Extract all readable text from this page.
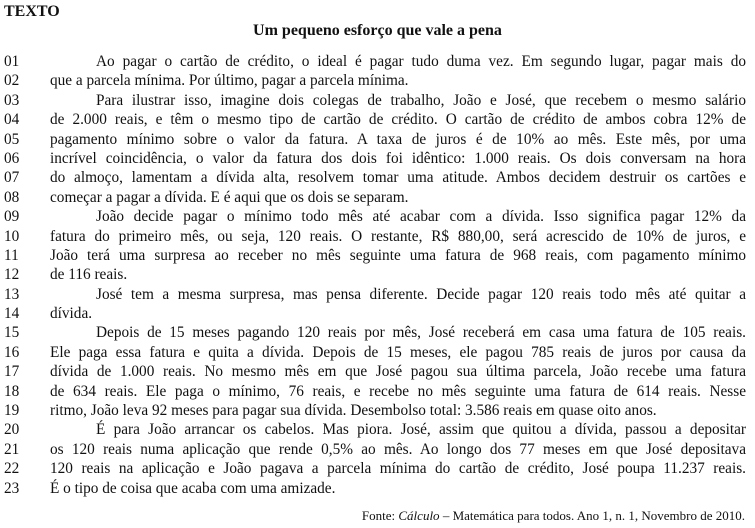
TEXTO
Um pequeno esforço que vale a pena
01	Ao pagar o cartão de crédito, o ideal é pagar tudo duma vez. Em segundo lugar, pagar mais do
02	que a parcela mínima. Por último, pagar a parcela mínima.
03	Para ilustrar isso, imagine dois colegas de trabalho, João e José, que recebem o mesmo salário
04	de 2.000 reais, e têm o mesmo tipo de cartão de crédito. O cartão de crédito de ambos cobra 12% de
05	pagamento mínimo sobre o valor da fatura. A taxa de juros é de 10% ao mês. Este mês, por uma
06	incrível coincidência, o valor da fatura dos dois foi idêntico: 1.000 reais. Os dois conversam na hora
07	do almoço, lamentam a dívida alta, resolvem tomar uma atitude. Ambos decidem destruir os cartões e
08	começar a pagar a dívida. E é aqui que os dois se separam.
09	João decide pagar o mínimo todo mês até acabar com a dívida. Isso significa pagar 12% da
10	fatura do primeiro mês, ou seja, 120 reais. O restante, R$ 880,00, será acrescido de 10% de juros, e
11	João terá uma surpresa ao receber no mês seguinte uma fatura de 968 reais, com pagamento mínimo
12	de 116 reais.
13	José tem a mesma surpresa, mas pensa diferente. Decide pagar 120 reais todo mês até quitar a
14	dívida.
15	Depois de 15 meses pagando 120 reais por mês, José receberá em casa uma fatura de 105 reais.
16	Ele paga essa fatura e quita a dívida. Depois de 15 meses, ele pagou 785 reais de juros por causa da
17	dívida de 1.000 reais. No mesmo mês em que José pagou sua última parcela, João recebe uma fatura
18	de 634 reais. Ele paga o mínimo, 76 reais, e recebe no mês seguinte uma fatura de 614 reais. Nesse
19	ritmo, João leva 92 meses para pagar sua dívida. Desembolso total: 3.586 reais em quase oito anos.
20	É para João arrancar os cabelos. Mas piora. José, assim que quitou a dívida, passou a depositar
21	os 120 reais numa aplicação que rende 0,5% ao mês. Ao longo dos 77 meses em que José depositava
22	120 reais na aplicação e João pagava a parcela mínima do cartão de crédito, José poupa 11.237 reais.
23	É o tipo de coisa que acaba com uma amizade.
Fonte: Cálculo – Matemática para todos. Ano 1, n. 1, Novembro de 2010.
